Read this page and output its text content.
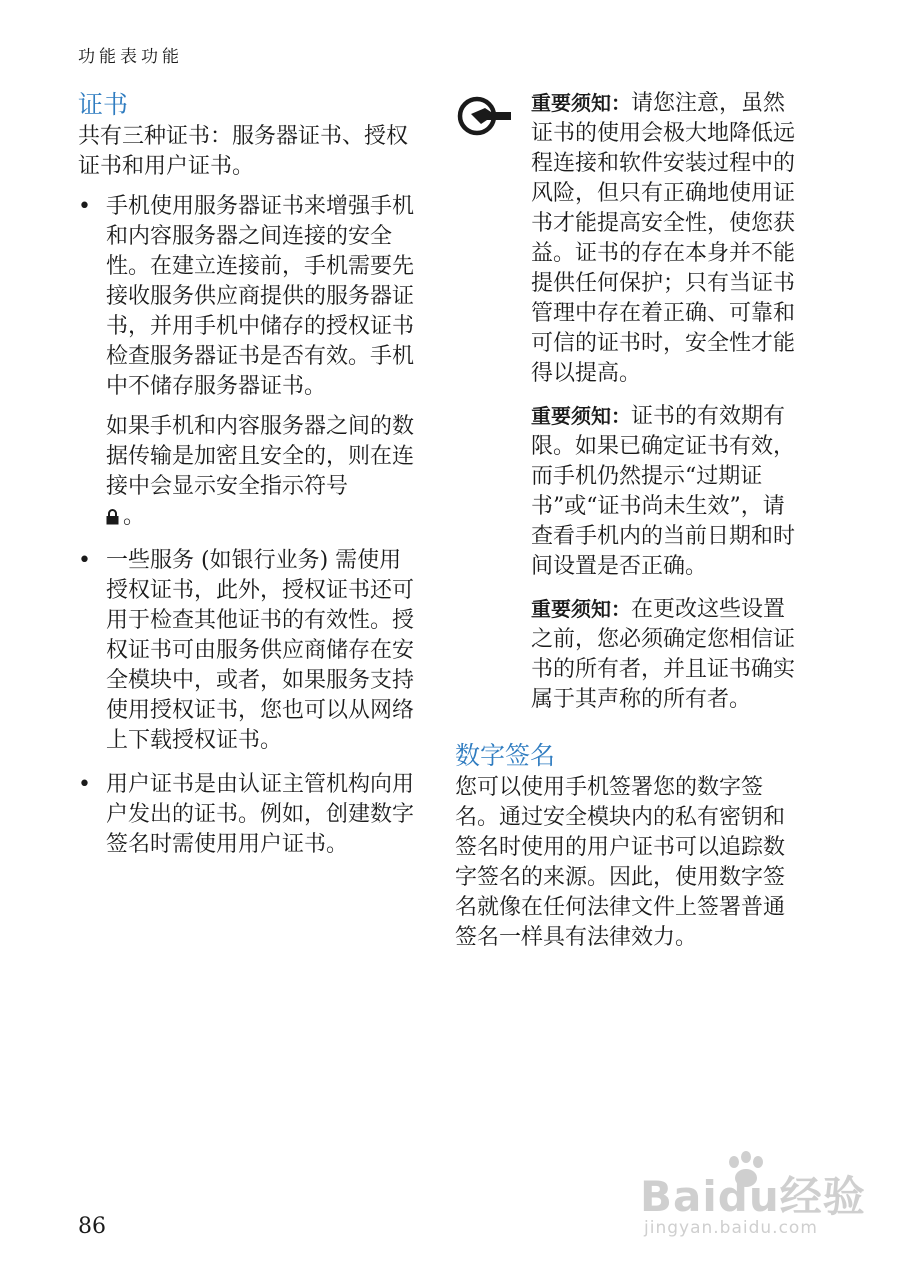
功能表功能
证书

共有三种证书：服务器证书、授权证书和用户证书。

• 手机使用服务器证书来增强手机和内容服务器之间连接的安全性。在建立连接前，手机需要先接收服务供应商提供的服务器证书，并用手机中储存的授权证书检查服务器证书是否有效。手机中不储存服务器证书。

如果手机和内容服务器之间的数据传输是加密且安全的，则在连接中会显示安全指示符号
。

• 一些服务 (如银行业务) 需使用授权证书，此外，授权证书还可用于检查其他证书的有效性。授权证书可由服务供应商储存在安全模块中，或者，如果服务支持使用授权证书，您也可以从网络上下载授权证书。

• 用户证书是由认证主管机构向用户发出的证书。例如，创建数字签名时需使用用户证书。

重要须知：请您注意，虽然证书的使用会极大地降低远程连接和软件安装过程中的风险，但只有正确地使用证书才能提高安全性，使您获益。证书的存在本身并不能提供任何保护；只有当证书管理中存在着正确、可靠和可信的证书时，安全性才能得以提高。

重要须知：证书的有效期有限。如果已确定证书有效，而手机仍然提示“过期证书”或“证书尚未生效”，请查看手机内的当前日期和时间设置是否正确。

重要须知：在更改这些设置之前，您必须确定您相信证书的所有者，并且证书确实属于其声称的所有者。

数字签名

您可以使用手机签署您的数字签名。通过安全模块内的私有密钥和签名时使用的用户证书可以追踪数字签名的来源。因此，使用数字签名就像在任何法律文件上签署普通签名一样具有法律效力。

86
Baidu经验
jingyan.baidu.com
